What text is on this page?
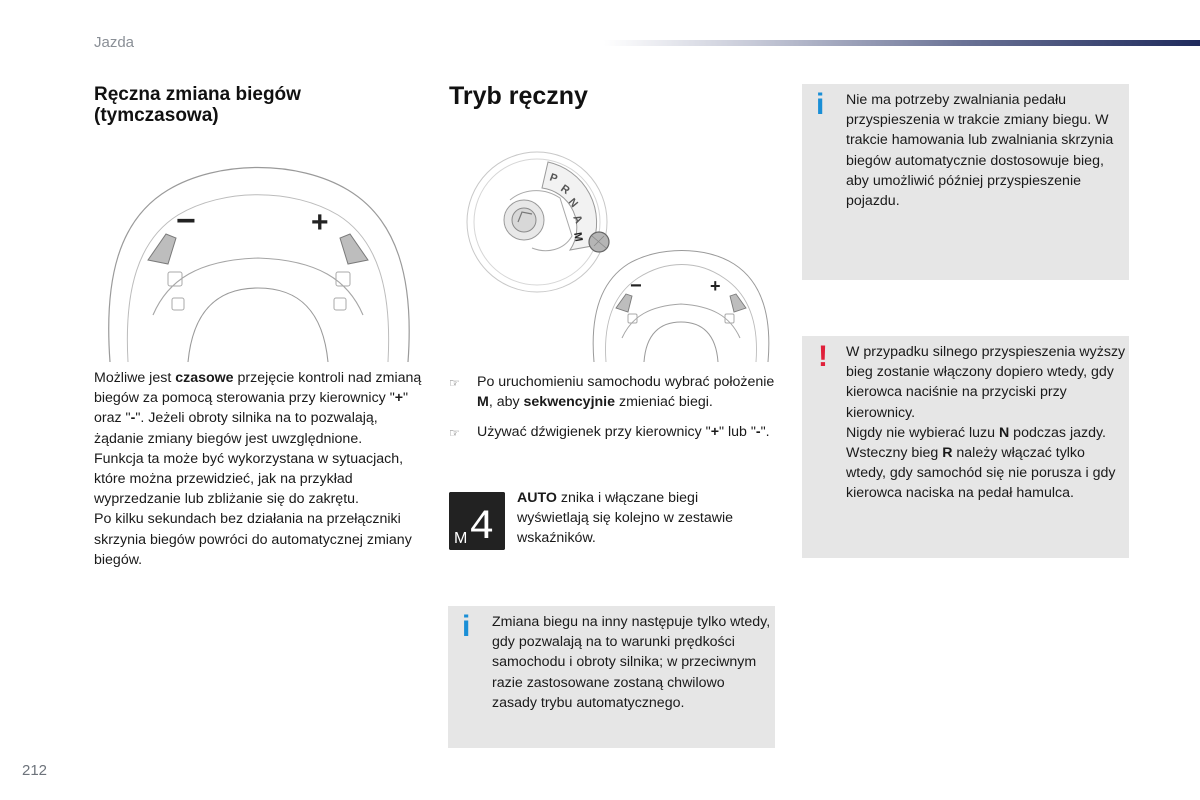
Jazda
Ręczna zmiana biegów (tymczasowa)
−	+

Możliwe jest czasowe przejęcie kontroli nad zmianą biegów za pomocą sterowania przy kierownicy "+" oraz "-". Jeżeli obroty silnika na to pozwalają, żądanie zmiany biegów jest uwzględnione.

Funkcja ta może być wykorzystana w sytuacjach, które można przewidzieć, jak na przykład wyprzedzanie lub zbliżanie się do zakrętu.

Po kilku sekundach bez działania na przełączniki skrzynia biegów powróci do automatycznej zmiany biegów.

Tryb ręczny
P
R
N
A
M
−	+
☞ Po uruchomieniu samochodu wybrać położenie M, aby sekwencyjnie zmieniać biegi.
☞ Używać dźwigienek przy kierownicy "+" lub "-".
M 4
AUTO znika i włączane biegi wyświetlają się kolejno w zestawie wskaźników.
i Zmiana biegu na inny następuje tylko wtedy, gdy pozwalają na to warunki prędkości samochodu i obroty silnika; w przeciwnym razie zastosowane zostaną chwilowo zasady trybu automatycznego.
i Nie ma potrzeby zwalniania pedału przyspieszenia w trakcie zmiany biegu. W trakcie hamowania lub zwalniania skrzynia biegów automatycznie dostosowuje bieg, aby umożliwić później przyspieszenie pojazdu.
! W przypadku silnego przyspieszenia wyższy bieg zostanie włączony dopiero wtedy, gdy kierowca naciśnie na przyciski przy kierownicy.

Nigdy nie wybierać luzu N podczas jazdy.

Wsteczny bieg R należy włączać tylko wtedy, gdy samochód się nie porusza i gdy kierowca naciska na pedał hamulca.

212
